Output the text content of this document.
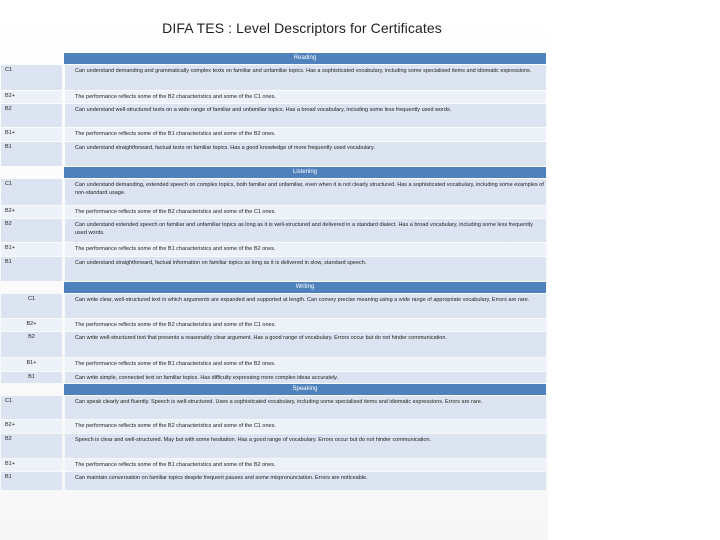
DIFA TES : Level Descriptors for Certificates
Reading
C1	Can understand demanding and grammatically complex texts on familiar and unfamiliar topics. Has a sophisticated vocabulary, including some specialised items and idiomatic expressions.
B2+	The performance reflects some of the B2 characteristics and some of the C1 ones.
B2	Can understand well-structured texts on a wide range of familiar and unfamiliar topics. Has a broad vocabulary, including some less frequently used words.
B1+	The performance reflects some of the B1 characteristics and some of the B2 ones.
B1	Can understand straightforward, factual texts on familiar topics. Has a good knowledge of more frequently used vocabulary.
Listening
C1	Can understand demanding, extended speech on complex topics, both familiar and unfamiliar, even when it is not clearly structured. Has a sophisticated vocabulary, including some examples of non-standard usage.
B2+	The performance reflects some of the B2 characteristics and some of the C1 ones.
B2	Can understand extended speech on familiar and unfamiliar topics as long as it is well-structured and delivered in a standard dialect. Has a broad vocabulary, including some less frequently used words.
B1+	The performance reflects some of the B1 characteristics and some of the B2 ones.
B1	Can understand straightforward, factual information on familiar topics as long as it is delivered in slow, standard speech.
Writing
C1	Can write clear, well-structured text in which arguments are expanded and supported at length. Can convey precise meaning using a wide range of appropriate vocabulary. Errors are rare.
B2+	The performance reflects some of the B2 characteristics and some of the C1 ones.
B2	Can write well-structured text that presents a reasonably clear argument. Has a good range of vocabulary. Errors occur but do not hinder communication.
B1+	The performance reflects some of the B1 characteristics and some of the B2 ones.
B1	Can write simple, connected text on familiar topics. Has difficulty expressing more complex ideas accurately.
Speaking
C1	Can speak clearly and fluently. Speech is well-structured. Uses a sophisticated vocabulary, including some specialised items and idiomatic expressions. Errors are rare.
B2+	The performance reflects some of the B2 characteristics and some of the C1 ones.
B2	Speech is clear and well-structured. May but with some hesitation. Has a good range of vocabulary. Errors occur but do not hinder communication.
B1+	The performance reflects some of the B1 characteristics and some of the B2 ones.
B1	Can maintain conversation on familiar topics despite frequent pauses and some mispronunciation. Errors are noticeable.
